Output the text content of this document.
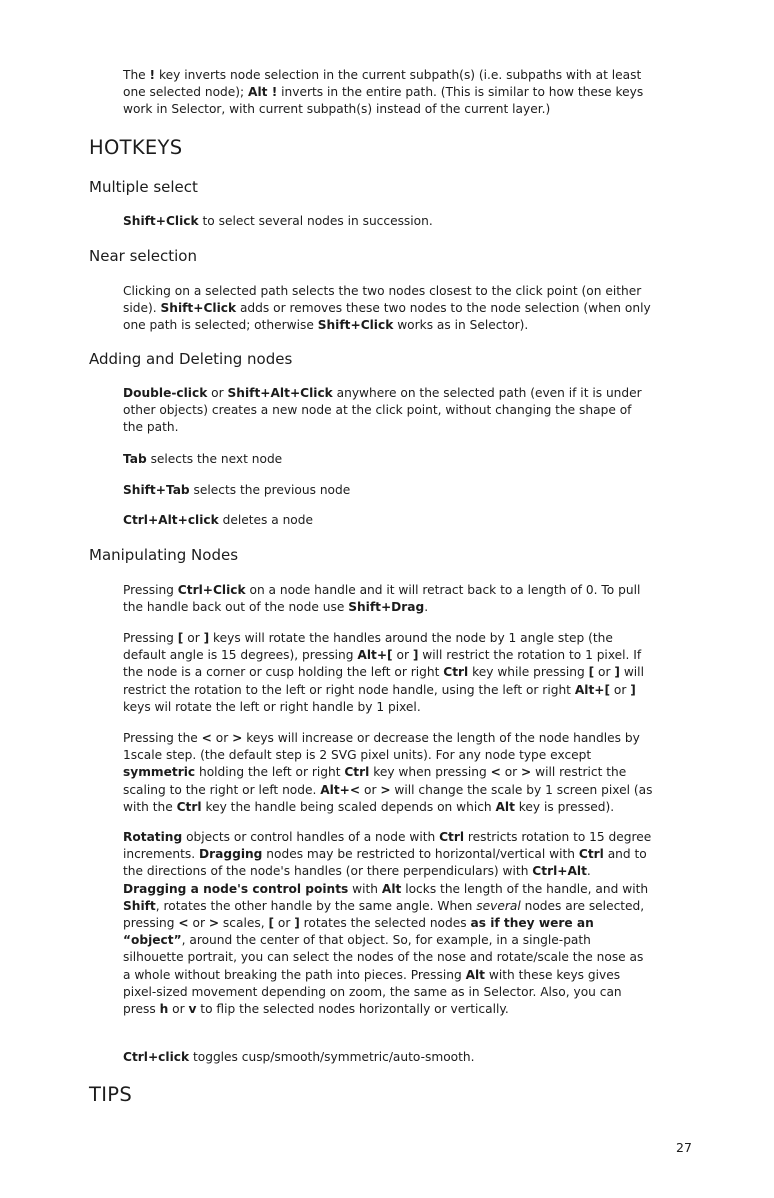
The ! key inverts node selection in the current subpath(s) (i.e. subpaths with at least one selected node); Alt ! inverts in the entire path. (This is similar to how these keys work in Selector, with current subpath(s) instead of the current layer.)

HOTKEYS
Multiple select

Shift+Click to select several nodes in succession.

Near selection

Clicking on a selected path selects the two nodes closest to the click point (on either side). Shift+Click adds or removes these two nodes to the node selection (when only one path is selected; otherwise Shift+Click works as in Selector).

Adding and Deleting nodes

Double-click or Shift+Alt+Click anywhere on the selected path (even if it is under other objects) creates a new node at the click point, without changing the shape of the path.

Tab selects the next node

Shift+Tab selects the previous node

Ctrl+Alt+click deletes a node

Manipulating Nodes

Pressing Ctrl+Click on a node handle and it will retract back to a length of 0. To pull the handle back out of the node use Shift+Drag.

Pressing [ or ] keys will rotate the handles around the node by 1 angle step (the default angle is 15 degrees), pressing Alt+[ or ] will restrict the rotation to 1 pixel. If the node is a corner or cusp holding the left or right Ctrl key while pressing [ or ] will restrict the rotation to the left or right node handle, using the left or right Alt+[ or ] keys wil rotate the left or right handle by 1 pixel.

Pressing the < or > keys will increase or decrease the length of the node handles by 1scale step. (the default step is 2 SVG pixel units). For any node type except symmetric holding the left or right Ctrl key when pressing < or > will restrict the scaling to the right or left node. Alt+< or > will change the scale by 1 screen pixel (as with the Ctrl key the handle being scaled depends on which Alt key is pressed).

Rotating objects or control handles of a node with Ctrl restricts rotation to 15 degree increments. Dragging nodes may be restricted to horizontal/vertical with Ctrl and to the directions of the node's handles (or there perpendiculars) with Ctrl+Alt. Dragging a node's control points with Alt locks the length of the handle, and with Shift, rotates the other handle by the same angle. When several nodes are selected, pressing < or > scales, [ or ] rotates the selected nodes as if they were an “object”, around the center of that object. So, for example, in a single-path silhouette portrait, you can select the nodes of the nose and rotate/scale the nose as a whole without breaking the path into pieces. Pressing Alt with these keys gives pixel-sized movement depending on zoom, the same as in Selector. Also, you can press h or v to flip the selected nodes horizontally or vertically.

Ctrl+click toggles cusp/smooth/symmetric/auto-smooth.

TIPS
27
